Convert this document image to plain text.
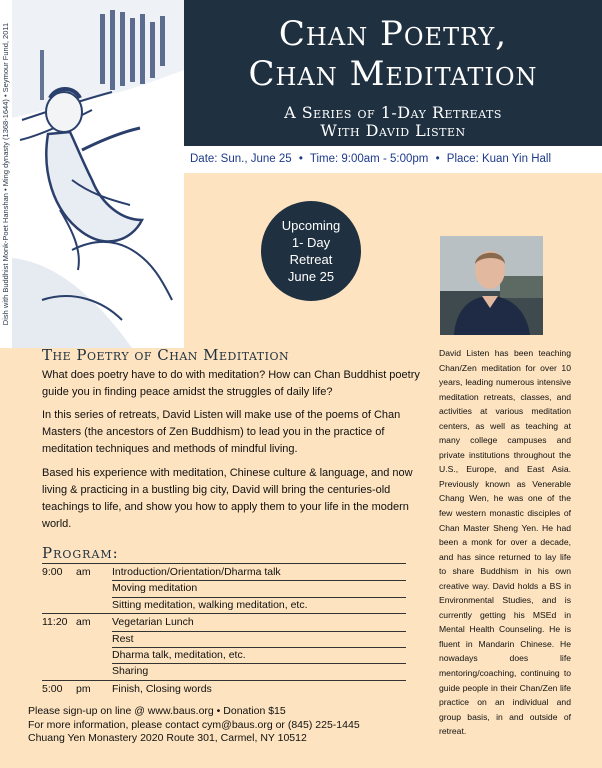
Dish with Buddhist Monk-Poet Hanshan • Ming dynasty (1368-1644) • Seymour Fund, 2011	Chan Poetry,
Chan Meditation
A Series of 1-Day Retreats
With David Listen
Date: Sun., June 25 • Time: 9:00am - 5:00pm • Place: Kuan Yin Hall
Upcoming
1- Day
Retreat
June 25
The Poetry of Chan Meditation
What does poetry have to do with meditation? How can Chan Buddhist poetry guide you in finding peace amidst the struggles of daily life?
In this series of retreats, David Listen will make use of the poems of Chan Masters (the ancestors of Zen Buddhism) to lead you in the practice of meditation techniques and methods of mindful living.
Based his experience with meditation, Chinese culture & language, and now living & practicing in a bustling big city, David will bring the centuries-old teachings to life, and show you how to apply them to your life in the modern world.
David Listen has been teaching Chan/Zen meditation for over 10 years, leading numerous intensive meditation retreats, classes, and activities at various meditation centers, as well as teaching at many college campuses and private institutions throughout the U.S., Europe, and East Asia. Previously known as Venerable Chang Wen, he was one of the few western monastic disciples of Chan Master Sheng Yen. He had been a monk for over a decade, and has since returned to lay life to share Buddhism in his own creative way. David holds a BS in Environmental Studies, and is currently getting his MSEd in Mental Health Counseling. He is fluent in Mandarin Chinese. He nowadays does life mentoring/coaching, continuing to guide people in their Chan/Zen life practice on an individual and group basis, in and outside of retreat.
Program:
9:00	am	Introduction/Orientation/Dharma talk
Moving meditation
Sitting meditation, walking meditation, etc.
11:20 am	Vegetarian Lunch
Rest
Dharma talk, meditation, etc.
Sharing
5:00	pm	Finish, Closing words
Please sign-up on line @ www.baus.org • Donation $15
For more information, please contact cym@baus.org or (845) 225-1445
Chuang Yen Monastery 2020 Route 301, Carmel, NY 10512
